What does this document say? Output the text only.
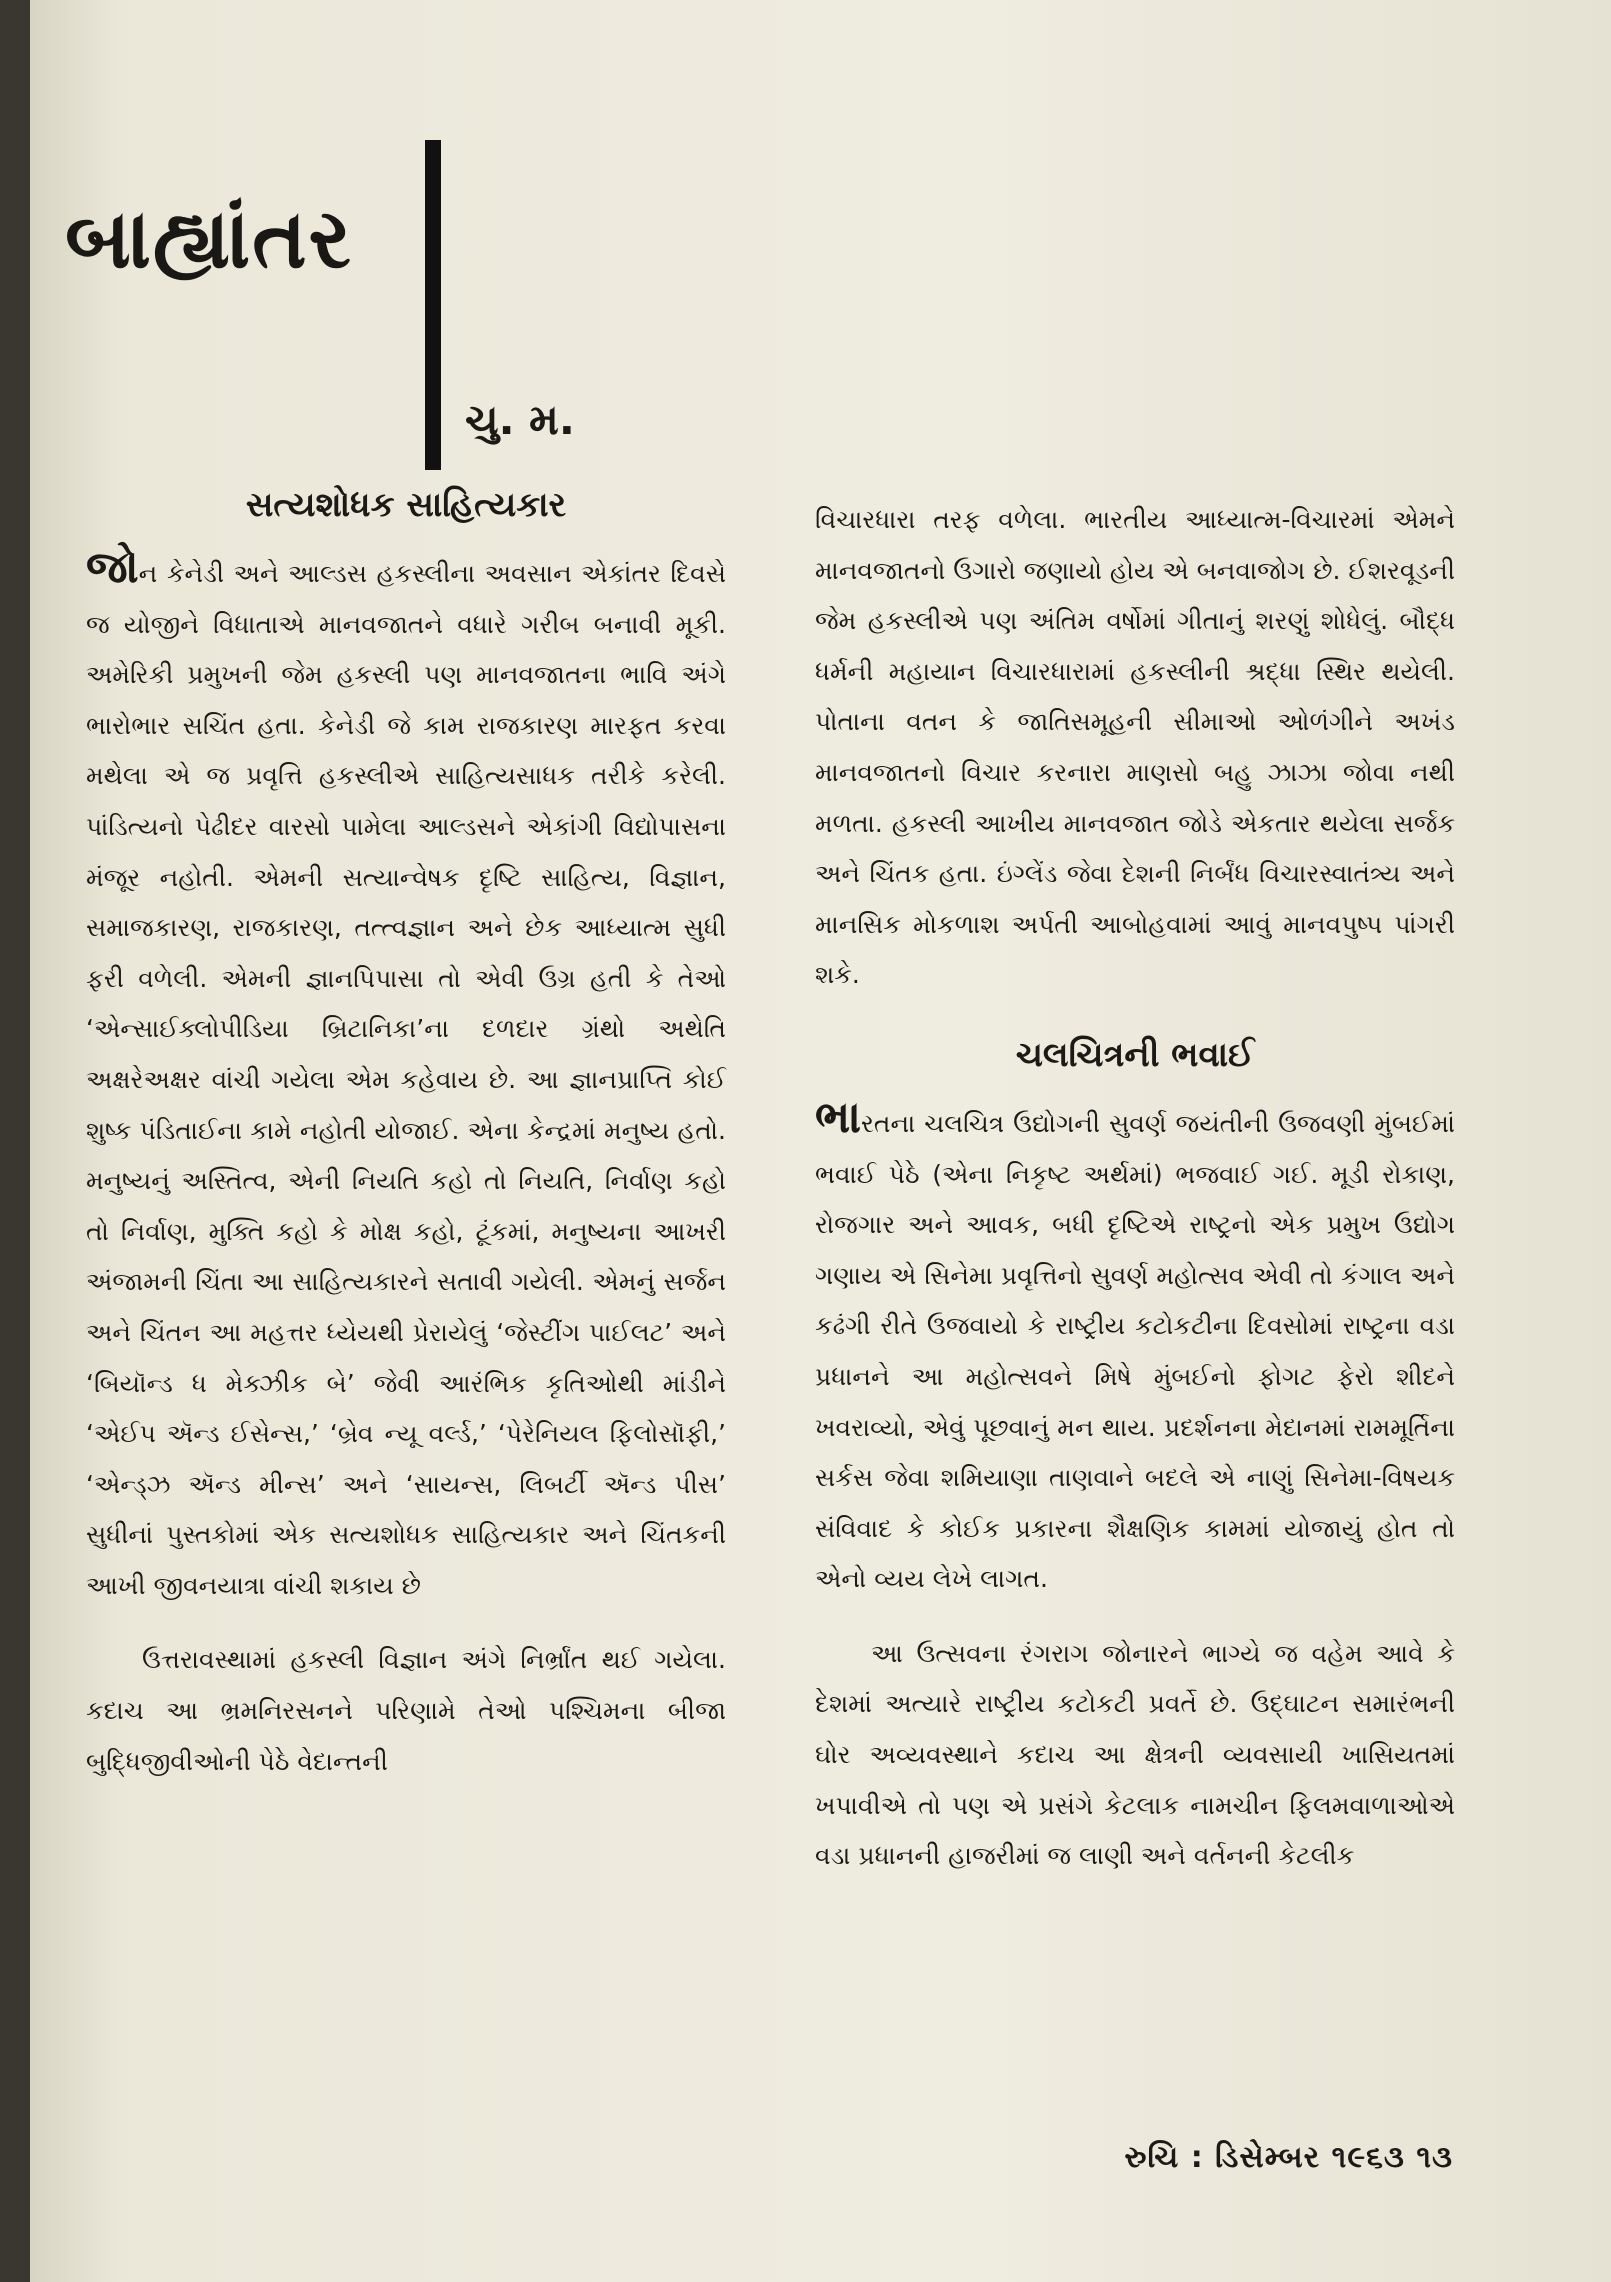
બાહ્યાંતર
ચુ. મ.
સત્યશોધક સાહિત્યકાર

જોન કેનેડી અને આલ્ડસ હકસ્લીના અવસાન એકાંતર દિવસે જ યોજીને વિધાતાએ માનવજાતને વધારે ગરીબ બનાવી મૂકી. અમેરિકી પ્રમુખની જેમ હકસ્લી પણ માનવજાતના ભાવિ અંગે ભારોભાર સચિંત હતા. કેનેડી જે કામ રાજકારણ મારફત કરવા મથેલા એ જ પ્રવૃત્તિ હકસ્લીએ સાહિત્યસાધક તરીકે કરેલી. પાંડિત્યનો પેઢીદર વારસો પામેલા આલ્ડસને એકાંગી વિદ્યોપાસના મંજૂર નહોતી. એમની સત્યાન્વેષક દૃષ્ટિ સાહિત્ય, વિજ્ઞાન, સમાજકારણ, રાજકારણ, તત્ત્વજ્ઞાન અને છેક આધ્યાત્મ સુધી ફરી વળેલી. એમની જ્ઞાનપિપાસા તો એવી ઉગ્ર હતી કે તેઓ ‘એન્સાઈક્લોપીડિયા બ્રિટાનિકા’ના દળદાર ગ્રંથો અથેતિ અક્ષરેઅક્ષર વાંચી ગયેલા એમ કહેવાય છે. આ જ્ઞાનપ્રાપ્તિ કોઈ શુષ્ક પંડિતાઈના કામે નહોતી યોજાઈ. એના કેન્દ્રમાં મનુષ્ય હતો. મનુષ્યનું અસ્તિત્વ, એની નિયતિ કહો તો નિયતિ, નિર્વાણ કહો તો નિર્વાણ, મુક્તિ કહો કે મોક્ષ કહો, ટૂંકમાં, મનુષ્યના આખરી અંજામની ચિંતા આ સાહિત્યકારને સતાવી ગયેલી. એમનું સર્જન અને ચિંતન આ મહત્તર ધ્યેયથી પ્રેરાયેલું ‘જેસ્ટીંગ પાઈલટ’ અને ‘બિયૉન્ડ ધ મેક્ઝીક બે’ જેવી આરંભિક કૃતિઓથી માંડીને ‘એઈપ ઍન્ડ ઈસેન્સ,’ ‘બ્રેવ ન્યૂ વર્લ્ડ,’ ‘પેરેનિયલ ફિલોસૉફી,’ ‘એન્ડ્ઝ ઍન્ડ મીન્સ’ અને ‘સાયન્સ, લિબર્ટી ઍન્ડ પીસ’ સુધીનાં પુસ્તકોમાં એક સત્યશોધક સાહિત્યકાર અને ચિંતકની આખી જીવનયાત્રા વાંચી શકાય છે

ઉત્તરાવસ્થામાં હકસ્લી વિજ્ઞાન અંગે નિર્ભ્રાંત થઈ ગયેલા. કદાચ આ ભ્રમનિરસનને પરિણામે તેઓ પશ્ચિમના બીજા બુદ્ધિજીવીઓની પેઠે વેદાન્તની

વિચારધારા તરફ વળેલા. ભારતીય આધ્યાત્મ-વિચારમાં એમને માનવજાતનો ઉગારો જણાયો હોય એ બનવાજોગ છે. ઈશરવૂડની જેમ હકસ્લીએ પણ અંતિમ વર્ષોમાં ગીતાનું શરણું શોધેલું. બૌદ્ધ ધર્મની મહાયાન વિચારધારામાં હકસ્લીની શ્રદ્ધા સ્થિર થયેલી. પોતાના વતન કે જાતિસમૂહની સીમાઓ ઓળંગીને અખંડ માનવજાતનો વિચાર કરનારા માણસો બહુ ઝાઝા જોવા નથી મળતા. હકસ્લી આખીય માનવજાત જોડે એકતાર થયેલા સર્જક અને ચિંતક હતા. ઇંગ્લેંડ જેવા દેશની નિર્બંધ વિચારસ્વાતંત્ર્ય અને માનસિક મોકળાશ અર્પતી આબોહવામાં આવું માનવપુષ્પ પાંગરી શકે.

ચલચિત્રની ભવાઈ

ભારતના ચલચિત્ર ઉદ્યોગની સુવર્ણ જયંતીની ઉજવણી મુંબઈમાં ભવાઈ પેઠે (એના નિકૃષ્ટ અર્થમાં) ભજવાઈ ગઈ. મૂડી રોકાણ, રોજગાર અને આવક, બધી દૃષ્ટિએ રાષ્ટ્રનો એક પ્રમુખ ઉદ્યોગ ગણાય એ સિનેમા પ્રવૃત્તિનો સુવર્ણ મહોત્સવ એવી તો કંગાલ અને કઢંગી રીતે ઉજવાયો કે રાષ્ટ્રીય કટોકટીના દિવસોમાં રાષ્ટ્રના વડા પ્રધાનને આ મહોત્સવને મિષે મુંબઈનો ફોગટ ફેરો શીદને ખવરાવ્યો, એવું પૂછવાનું મન થાય. પ્રદર્શનના મેદાનમાં રામમૂર્તિના સર્કસ જેવા શમિયાણા તાણવાને બદલે એ નાણું સિનેમા-વિષયક સંવિવાદ કે કોઈક પ્રકારના શૈક્ષણિક કામમાં યોજાયું હોત તો એનો વ્યય લેખે લાગત.

આ ઉત્સવના રંગરાગ જોનારને ભાગ્યે જ વહેમ આવે કે દેશમાં અત્યારે રાષ્ટ્રીય કટોકટી પ્રવર્તે છે. ઉદ્ઘાટન સમારંભની ઘોર અવ્યવસ્થાને કદાચ આ ક્ષેત્રની વ્યવસાયી ખાસિયતમાં ખપાવીએ તો પણ એ પ્રસંગે કેટલાક નામચીન ફિલમવાળાઓએ વડા પ્રધાનની હાજરીમાં જ લાણી અને વર્તનની કેટલીક

રુચિ : ડિસેમ્બર ૧૯૬૩ ૧૩
